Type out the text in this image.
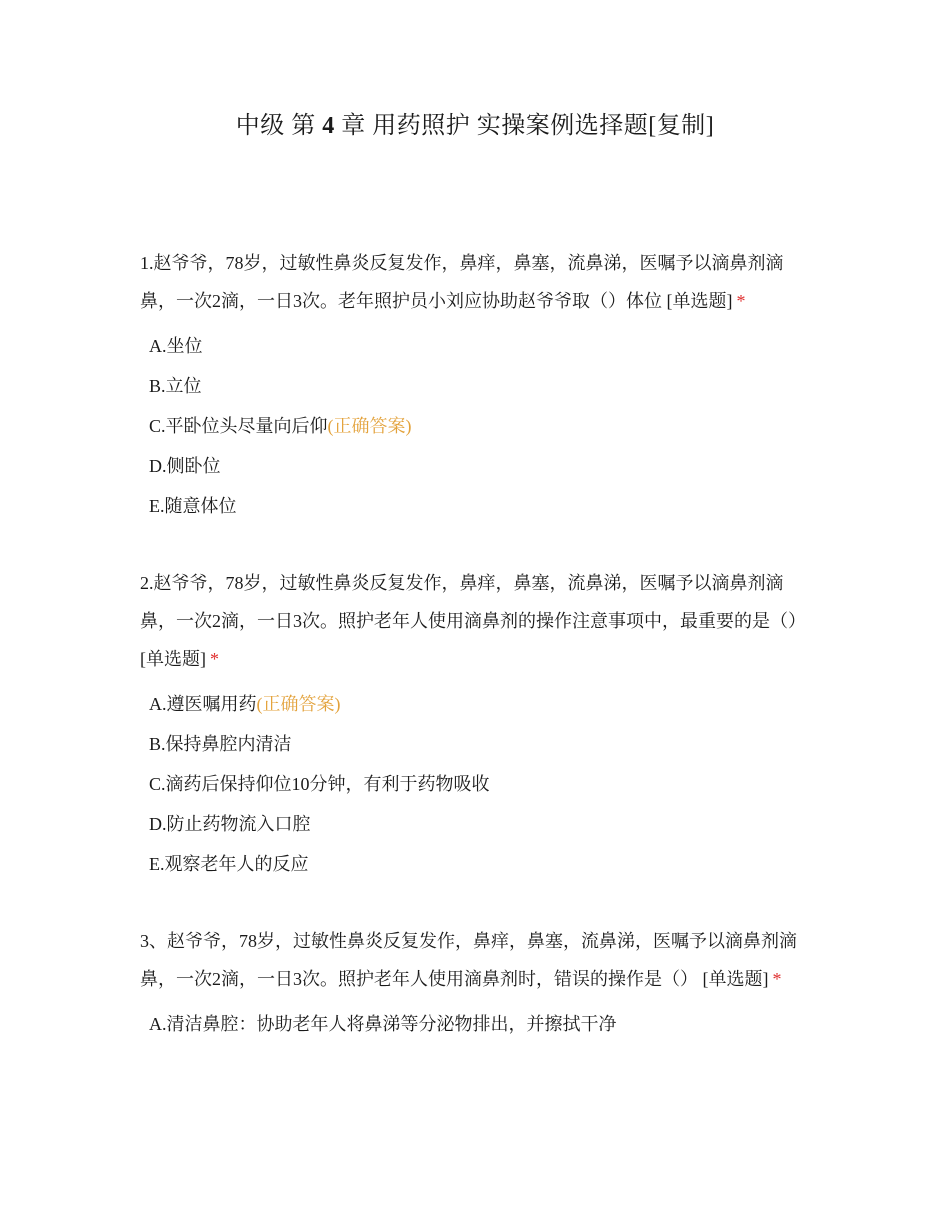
中级 第 4 章 用药照护 实操案例选择题[复制]

1.赵爷爷，78岁，过敏性鼻炎反复发作，鼻痒，鼻塞，流鼻涕，医嘱予以滴鼻剂滴鼻，一次2滴，一日3次。老年照护员小刘应协助赵爷爷取（）体位 [单选题] *

A.坐位
B.立位
C.平卧位头尽量向后仰(正确答案)
D.侧卧位
E.随意体位

2.赵爷爷，78岁，过敏性鼻炎反复发作，鼻痒，鼻塞，流鼻涕，医嘱予以滴鼻剂滴鼻，一次2滴，一日3次。照护老年人使用滴鼻剂的操作注意事项中，最重要的是（） [单选题] *

A.遵医嘱用药(正确答案)
B.保持鼻腔内清洁
C.滴药后保持仰位10分钟，有利于药物吸收
D.防止药物流入口腔
E.观察老年人的反应

3、赵爷爷，78岁，过敏性鼻炎反复发作，鼻痒，鼻塞，流鼻涕，医嘱予以滴鼻剂滴鼻，一次2滴，一日3次。照护老年人使用滴鼻剂时，错误的操作是（） [单选题] *

A.清洁鼻腔：协助老年人将鼻涕等分泌物排出，并擦拭干净
